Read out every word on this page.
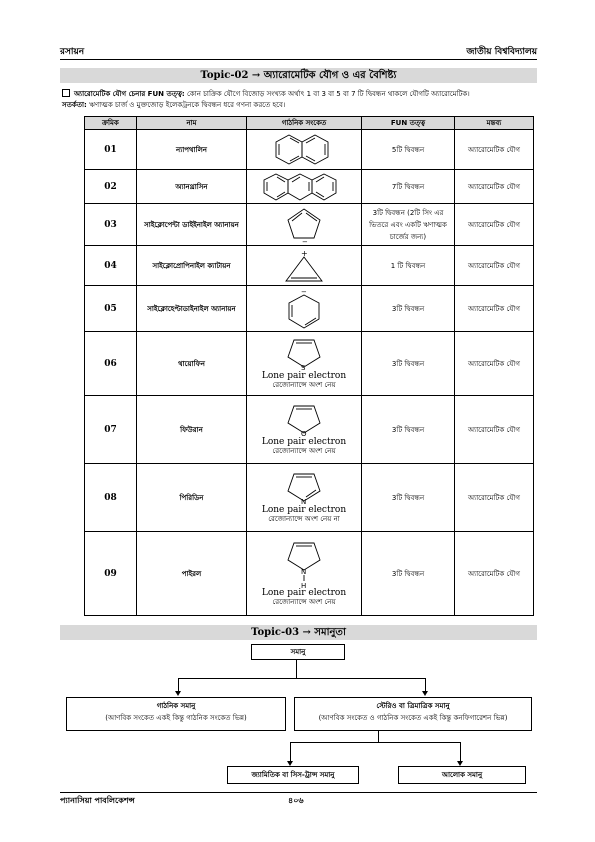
রসায়ন	জাতীয় বিশ্ববিদ্যালয়
Topic-02 → অ্যারোমেটিক যৌগ ও এর বৈশিষ্ট্য
অ্যারোমেটিক যৌগ চেনার FUN তত্ত্ব: কোন চাক্রিক যৌগে বিজোড় সংখ্যক অর্থাৎ 1 বা 3 বা 5 বা 7 টি দ্বিবন্ধন থাকলে যৌগটি অ্যারোমেটিক।
সতর্কতা: ঋণাত্মক চার্জ ও মুক্তজোড় ইলেকট্রনকে দ্বিবন্ধন ধরে গণনা করতে হবে।
ক্রমিক	নাম	গাঠনিক সংকেত	FUN তত্ত্ব	মন্তব্য
01	ন্যাপথালিন		5টি দ্বিবন্ধন	অ্যারোমেটিক যৌগ
02	অ্যানথ্রাসিন		7টি দ্বিবন্ধন	অ্যারোমেটিক যৌগ
03	সাইক্লোপেন্টা ডাইইনাইল অ্যানায়ন	−	3টি দ্বিবন্ধন (2টি সিং এর ভিতরে এবং একটি ঋণাত্মক চার্জের জন্য)	অ্যারোমেটিক যৌগ
04	সাইক্লোপ্রোপিনাইল ক্যাটায়ন	+	1 টি দ্বিবন্ধন	অ্যারোমেটিক যৌগ
05	সাইক্লোহেপ্টাডাইনাইল অ্যানায়ন	−	3টি দ্বিবন্ধন	অ্যারোমেটিক যৌগ
06	থায়োফিন	S
Lone pair electron
রেজোন্যান্সে অংশ নেয়	3টি দ্বিবন্ধন	অ্যারোমেটিক যৌগ
07	ফিউরান	O
Lone pair electron
রেজোন্যান্সে অংশ নেয়	3টি দ্বিবন্ধন	অ্যারোমেটিক যৌগ
08	পিরিডিন	N
Lone pair electron
রেজোন্যান্সে অংশ নেয় না	3টি দ্বিবন্ধন	অ্যারোমেটিক যৌগ
09	পাইরল	N
H
Lone pair electron
রেজোন্যান্সে অংশ নেয়	3টি দ্বিবন্ধন	অ্যারোমেটিক যৌগ
Topic-03 → সমানুতা
সমানু
গাঠনিক সমানু
(আণবিক সংকেত একই কিন্তু গাঠনিক সংকেত ভিন্ন)
স্টেরিও বা ত্রিমাত্রিক সমানু
(আণবিক সংকেত ও গাঠনিক সংকেত একই কিন্তু কনফিগারেশন ভিন্ন)
জ্যামিতিক বা সিস-ট্রান্স সমানু	আলোক সমানু
প্যানাসিয়া পাবলিকেশন্স	৪০৬
